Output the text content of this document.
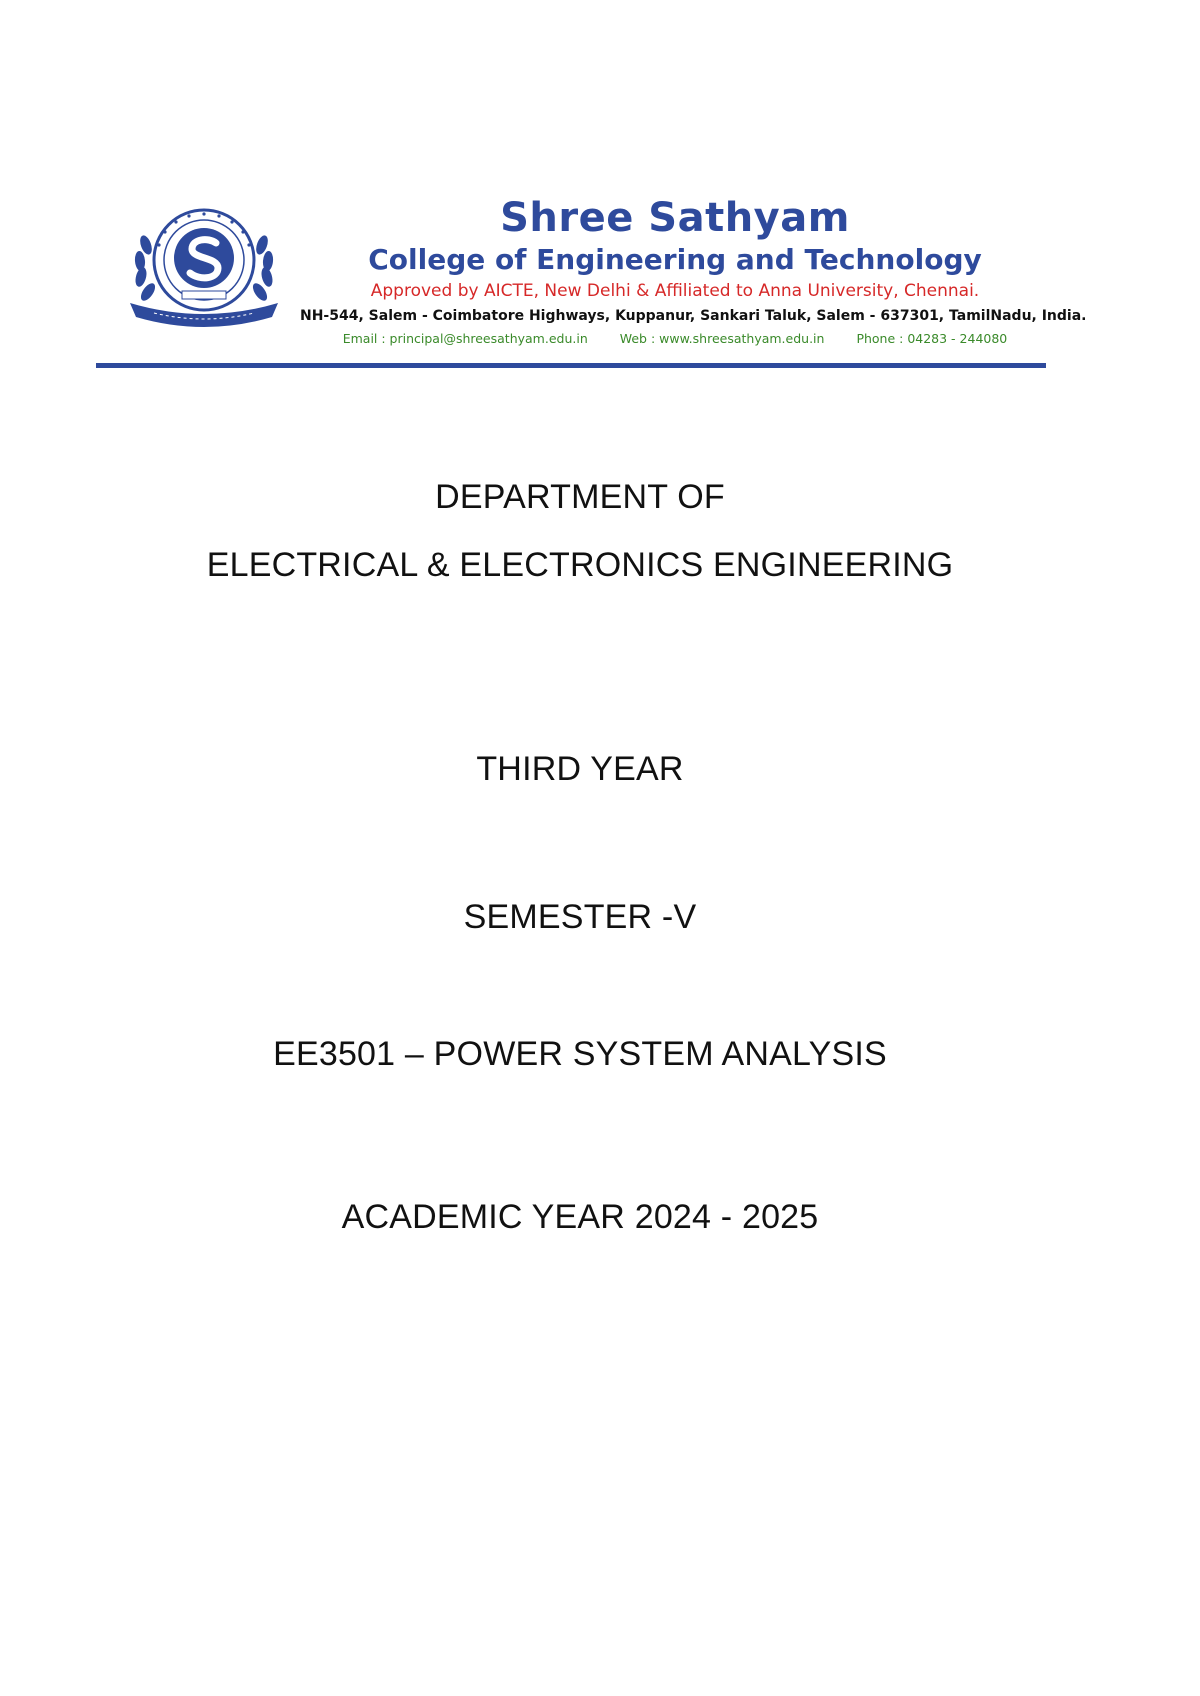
Shree Sathyam
College of Engineering and Technology
Approved by AICTE, New Delhi & Affiliated to Anna University, Chennai.
NH-544, Salem - Coimbatore Highways, Kuppanur, Sankari Taluk, Salem - 637301, TamilNadu, India.
Email : principal@shreesathyam.edu.in	Web : www.shreesathyam.edu.in	Phone : 04283 - 244080
DEPARTMENT OF
ELECTRICAL & ELECTRONICS ENGINEERING
THIRD YEAR
SEMESTER -V
EE3501 – POWER SYSTEM ANALYSIS
ACADEMIC YEAR 2024 - 2025
